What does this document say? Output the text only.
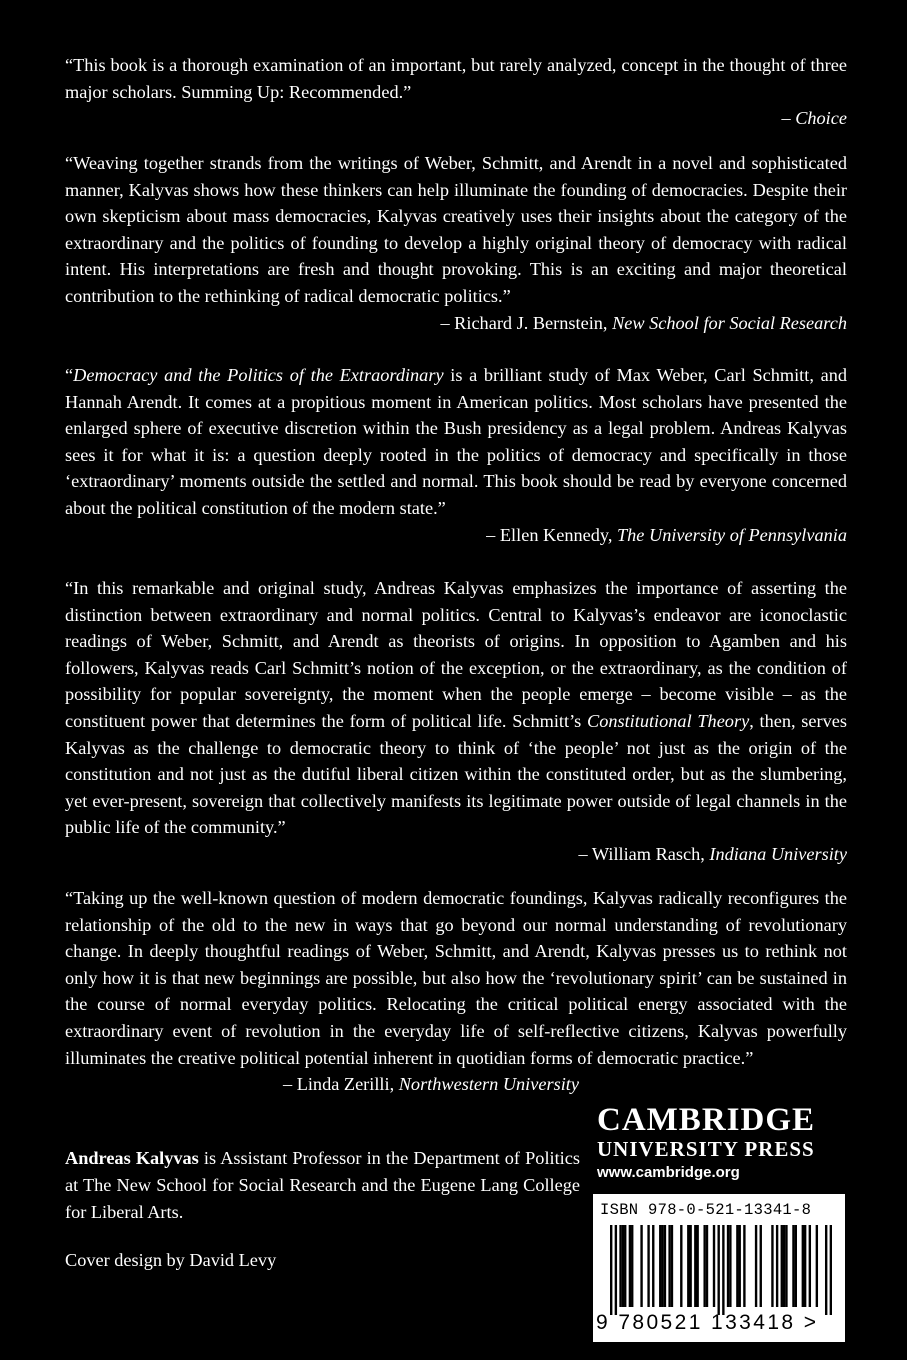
“This book is a thorough examination of an important, but rarely analyzed, concept in the thought of three major scholars. Summing Up: Recommended.”

– Choice

“Weaving together strands from the writings of Weber, Schmitt, and Arendt in a novel and sophisticated manner, Kalyvas shows how these thinkers can help illuminate the founding of democracies. Despite their own skepticism about mass democracies, Kalyvas creatively uses their insights about the category of the extraordinary and the politics of founding to develop a highly original theory of democracy with radical intent. His interpretations are fresh and thought provoking. This is an exciting and major theoretical contribution to the rethinking of radical democratic politics.”

– Richard J. Bernstein, New School for Social Research

“Democracy and the Politics of the Extraordinary is a brilliant study of Max Weber, Carl Schmitt, and Hannah Arendt. It comes at a propitious moment in American politics. Most scholars have presented the enlarged sphere of executive discretion within the Bush presidency as a legal problem. Andreas Kalyvas sees it for what it is: a question deeply rooted in the politics of democracy and specifically in those ‘extraordinary’ moments outside the settled and normal. This book should be read by everyone concerned about the political constitution of the modern state.”

– Ellen Kennedy, The University of Pennsylvania

“In this remarkable and original study, Andreas Kalyvas emphasizes the importance of asserting the distinction between extraordinary and normal politics. Central to Kalyvas’s endeavor are iconoclastic readings of Weber, Schmitt, and Arendt as theorists of origins. In opposition to Agamben and his followers, Kalyvas reads Carl Schmitt’s notion of the exception, or the extraordinary, as the condition of possibility for popular sovereignty, the moment when the people emerge – become visible – as the constituent power that determines the form of political life. Schmitt’s Constitutional Theory, then, serves Kalyvas as the challenge to democratic theory to think of ‘the people’ not just as the origin of the constitution and not just as the dutiful liberal citizen within the constituted order, but as the slumbering, yet ever-present, sovereign that collectively manifests its legitimate power outside of legal channels in the public life of the community.”

– William Rasch, Indiana University

“Taking up the well-known question of modern democratic foundings, Kalyvas radically reconfigures the relationship of the old to the new in ways that go beyond our normal understanding of revolutionary change. In deeply thoughtful readings of Weber, Schmitt, and Arendt, Kalyvas presses us to rethink not only how it is that new beginnings are possible, but also how the ‘revolutionary spirit’ can be sustained in the course of normal everyday politics. Relocating the critical political energy associated with the extraordinary event of revolution in the everyday life of self-reflective citizens, Kalyvas powerfully illuminates the creative political potential inherent in quotidian forms of democratic practice.”

– Linda Zerilli, Northwestern University
Andreas Kalyvas is Assistant Professor in the Department of Politics at The New School for Social Research and the Eugene Lang College for Liberal Arts.
Cover design by David Levy
CAMBRIDGE
UNIVERSITY PRESS
www.cambridge.org
ISBN 978-0-521-13341-8
9 780521 133418 >
